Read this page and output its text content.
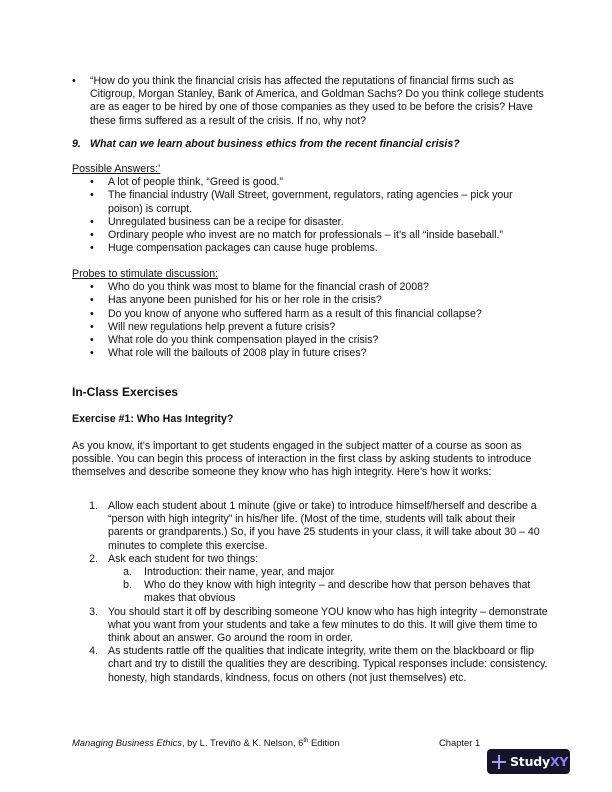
•	“How do you think the financial crisis has affected the reputations of financial firms such as Citigroup, Morgan Stanley, Bank of America, and Goldman Sachs? Do you think college students are as eager to be hired by one of those companies as they used to be before the crisis? Have these firms suffered as a result of the crisis. If no, why not?
9. What can we learn about business ethics from the recent financial crisis?
Possible Answers:’
•	A lot of people think, “Greed is good.”
•	The financial industry (Wall Street, government, regulators, rating agencies – pick your poison) is corrupt.
•	Unregulated business can be a recipe for disaster.
•	Ordinary people who invest are no match for professionals – it’s all “inside baseball.”
•	Huge compensation packages can cause huge problems.
Probes to stimulate discussion:
•	Who do you think was most to blame for the financial crash of 2008?
•	Has anyone been punished for his or her role in the crisis?
•	Do you know of anyone who suffered harm as a result of this financial collapse?
•	Will new regulations help prevent a future crisis?
•	What role do you think compensation played in the crisis?
•	What role will the bailouts of 2008 play in future crises?
In-Class Exercises
Exercise #1: Who Has Integrity?
As you know, it’s important to get students engaged in the subject matter of a course as soon as possible. You can begin this process of interaction in the first class by asking students to introduce themselves and describe someone they know who has high integrity. Here’s how it works:
1. Allow each student about 1 minute (give or take) to introduce himself/herself and describe a “person with high integrity” in his/her life. (Most of the time, students will talk about their parents or grandparents.) So, if you have 25 students in your class, it will take about 30 – 40 minutes to complete this exercise.
2. Ask each student for two things:
a.	Introduction: their name, year, and major
b.	Who do they know with high integrity – and describe how that person behaves that makes that obvious
3. You should start it off by describing someone YOU know who has high integrity – demonstrate what you want from your students and take a few minutes to do this. It will give them time to think about an answer. Go around the room in order.
4. As students rattle off the qualities that indicate integrity, write them on the blackboard or flip chart and try to distill the qualities they are describing. Typical responses include: consistency. honesty, high standards, kindness, focus on others (not just themselves) etc.
Managing Business Ethics, by L. Treviño & K. Nelson, 6th Edition	Chapter 1
StudyXY
